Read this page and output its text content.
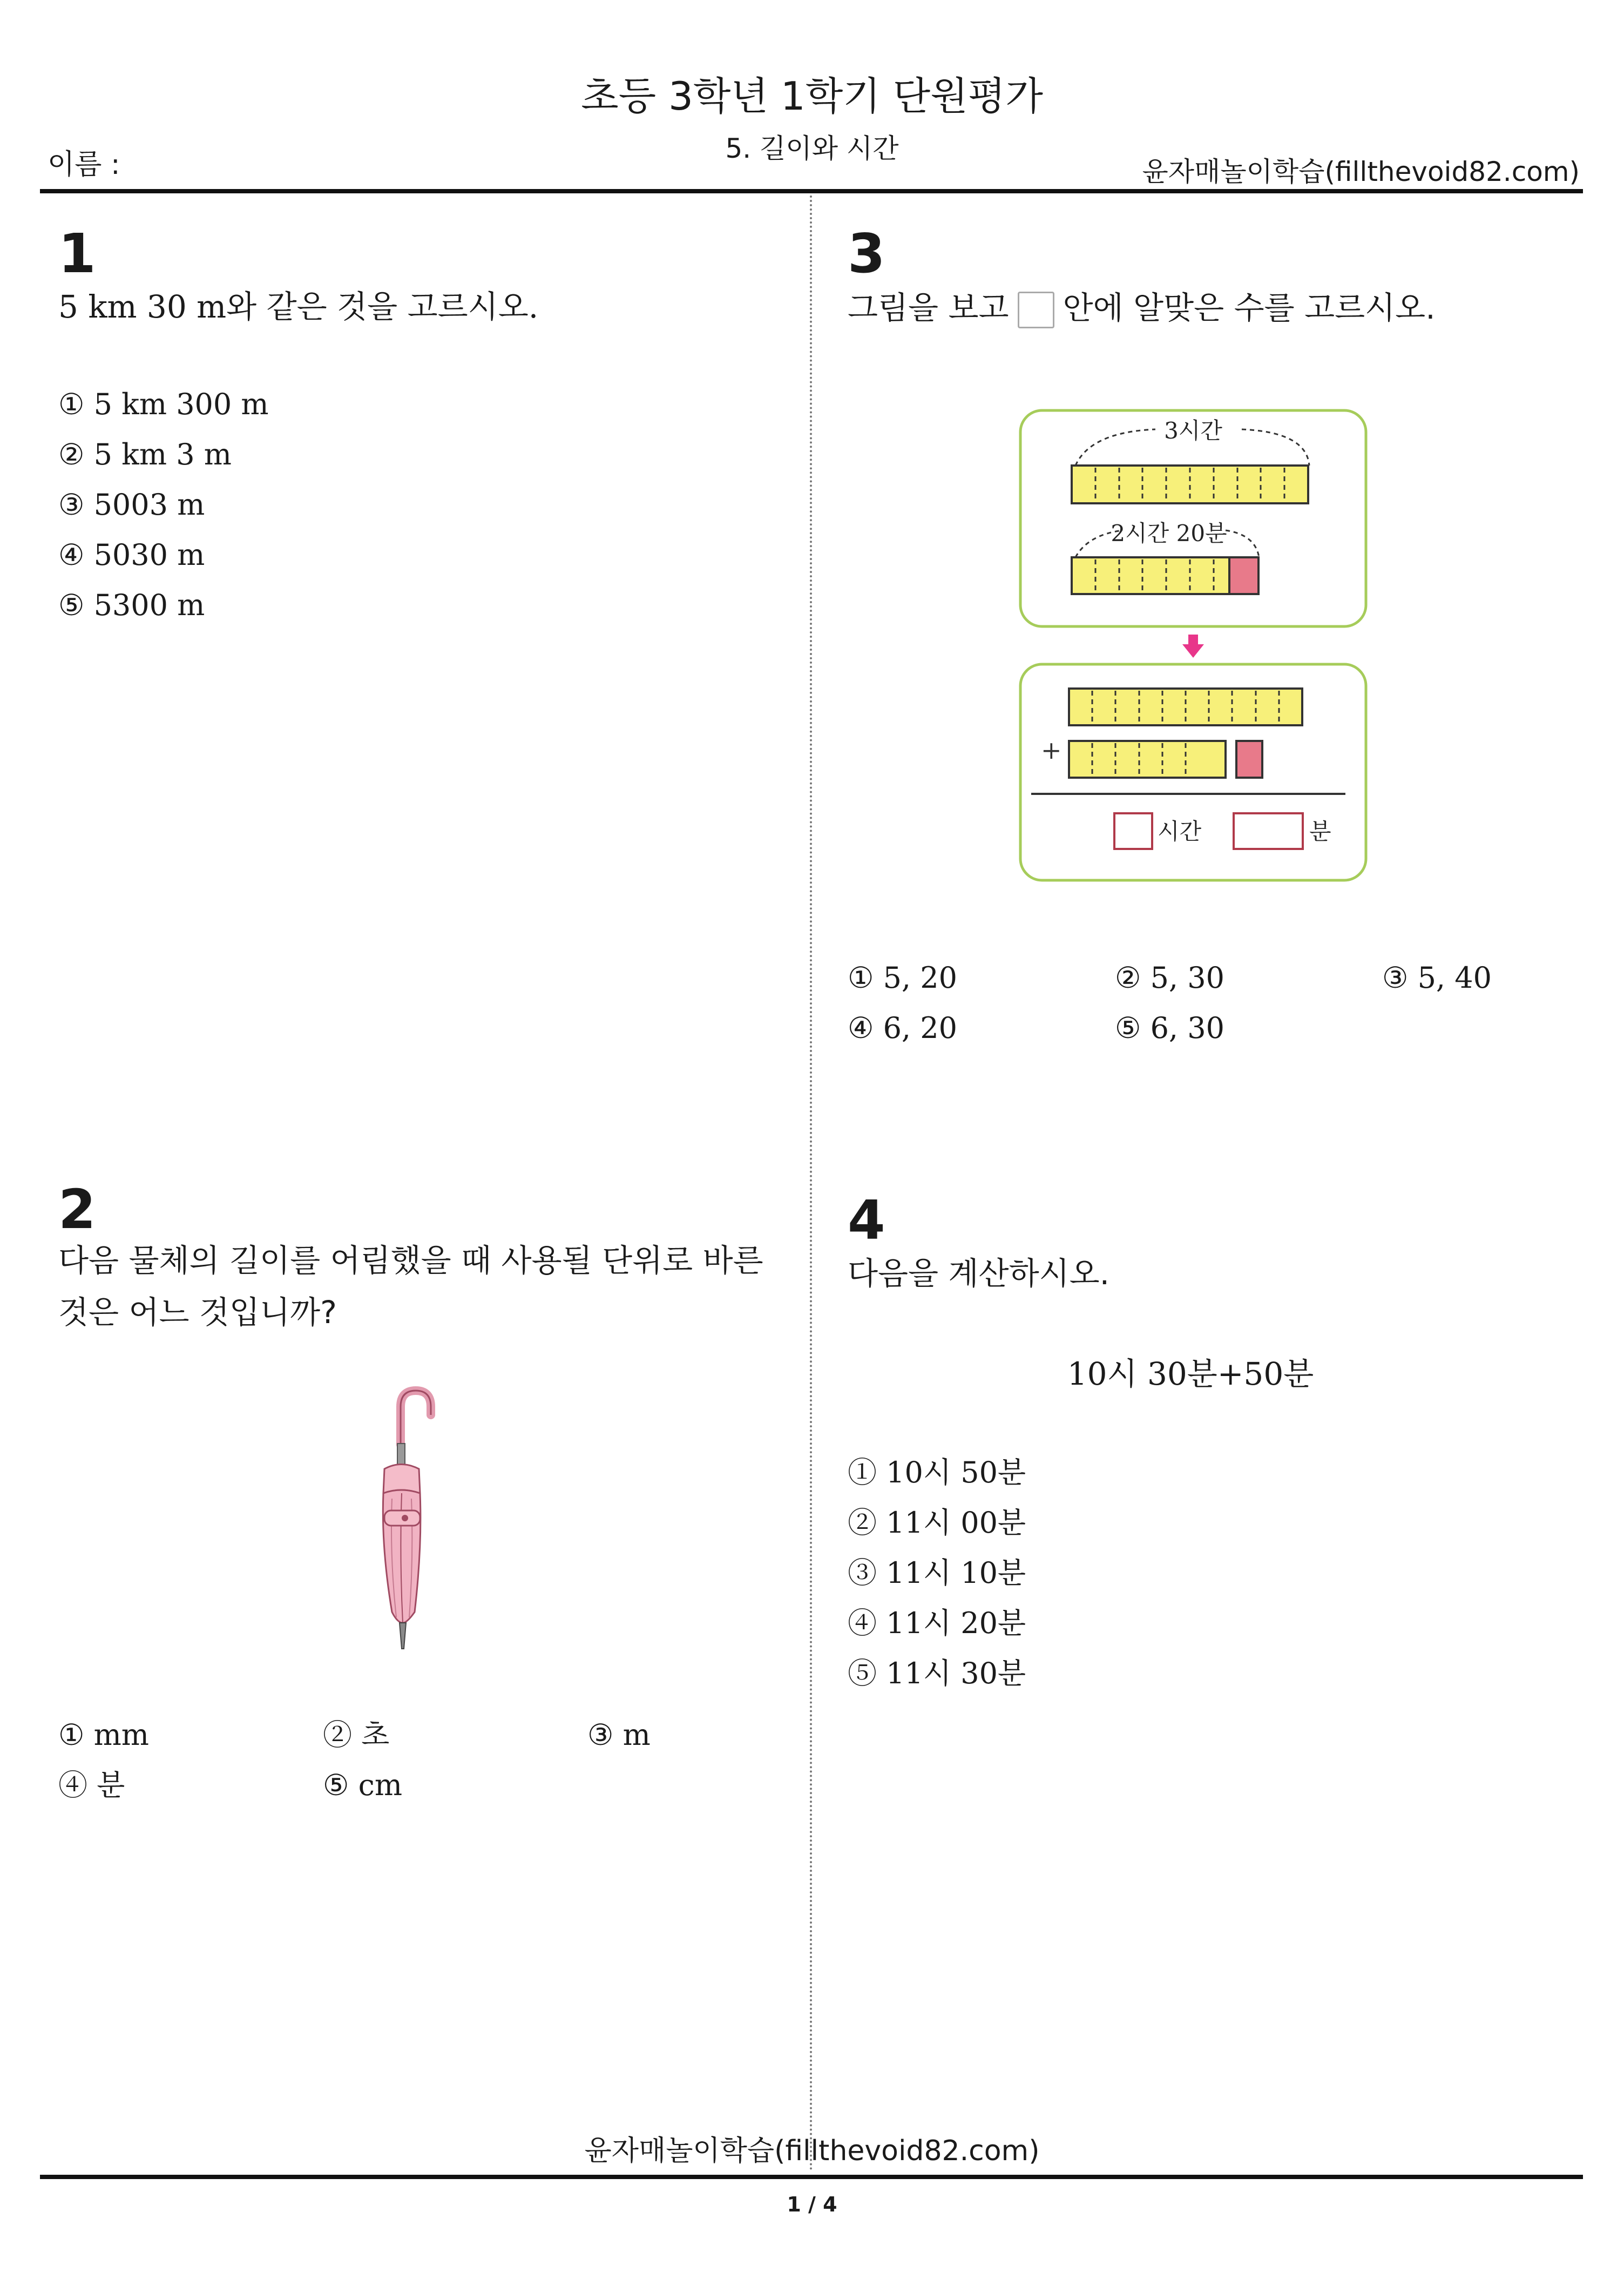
초등 3학년 1학기 단원평가
5. 길이와 시간
이름 :	윤자매놀이학습(fillthevoid82.com)
1
5 km 30 m와 같은 것을 고르시오.
① 5 km 300 m
② 5 km 3 m
③ 5003 m
④ 5030 m
⑤ 5300 m
2
다음 물체의 길이를 어림했을 때 사용될 단위로 바른
것은 어느 것입니까?
① mm	② 초	③ m
④ 분	⑤ cm
3
그림을 보고 안에 알맞은 수를 고르시오.
3시간
2시간 20분
+
시간	분
① 5, 20	② 5, 30	③ 5, 40
④ 6, 20	⑤ 6, 30
4
다음을 계산하시오.
10시 30분+50분
① 10시 50분
② 11시 00분
③ 11시 10분
④ 11시 20분
⑤ 11시 30분
윤자매놀이학습(fillthevoid82.com)
1 / 4
